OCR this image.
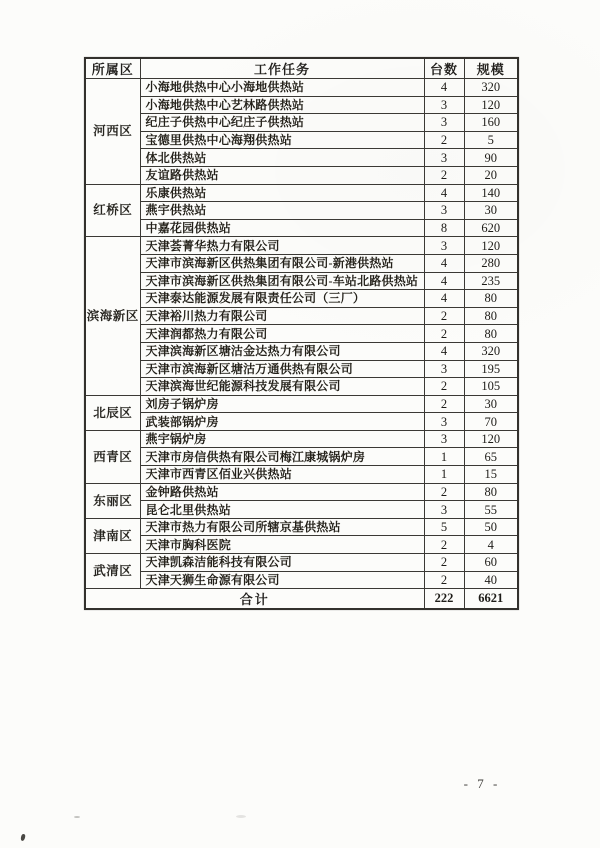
所属区	工作任务	台数	规模
河西区	小海地供热中心小海地供热站	4	320
	小海地供热中心艺林路供热站	3	120
	纪庄子供热中心纪庄子供热站	3	160
	宝德里供热中心海翔供热站	2	5
	体北供热站	3	90
	友谊路供热站	2	20
红桥区	乐康供热站	4	140
	燕宇供热站	3	30
	中嘉花园供热站	8	620
滨海新区	天津荟菁华热力有限公司	3	120
	天津市滨海新区供热集团有限公司-新港供热站	4	280
	天津市滨海新区供热集团有限公司-车站北路供热站	4	235
	天津泰达能源发展有限责任公司（三厂）	4	80
	天津裕川热力有限公司	2	80
	天津润都热力有限公司	2	80
	天津滨海新区塘沽金达热力有限公司	4	320
	天津市滨海新区塘沽万通供热有限公司	3	195
	天津滨海世纪能源科技发展有限公司	2	105
北辰区	刘房子锅炉房	2	30
	武装部锅炉房	3	70
西青区	燕宇锅炉房	3	120
	天津市房信供热有限公司梅江康城锅炉房	1	65
	天津市西青区佰业兴供热站	1	15
东丽区	金钟路供热站	2	80
	昆仑北里供热站	3	55
津南区	天津市热力有限公司所辖京基供热站	5	50
	天津市胸科医院	2	4
武清区	天津凯森洁能科技有限公司	2	60
	天津天狮生命源有限公司	2	40
合计		222	6621
- 7 -
